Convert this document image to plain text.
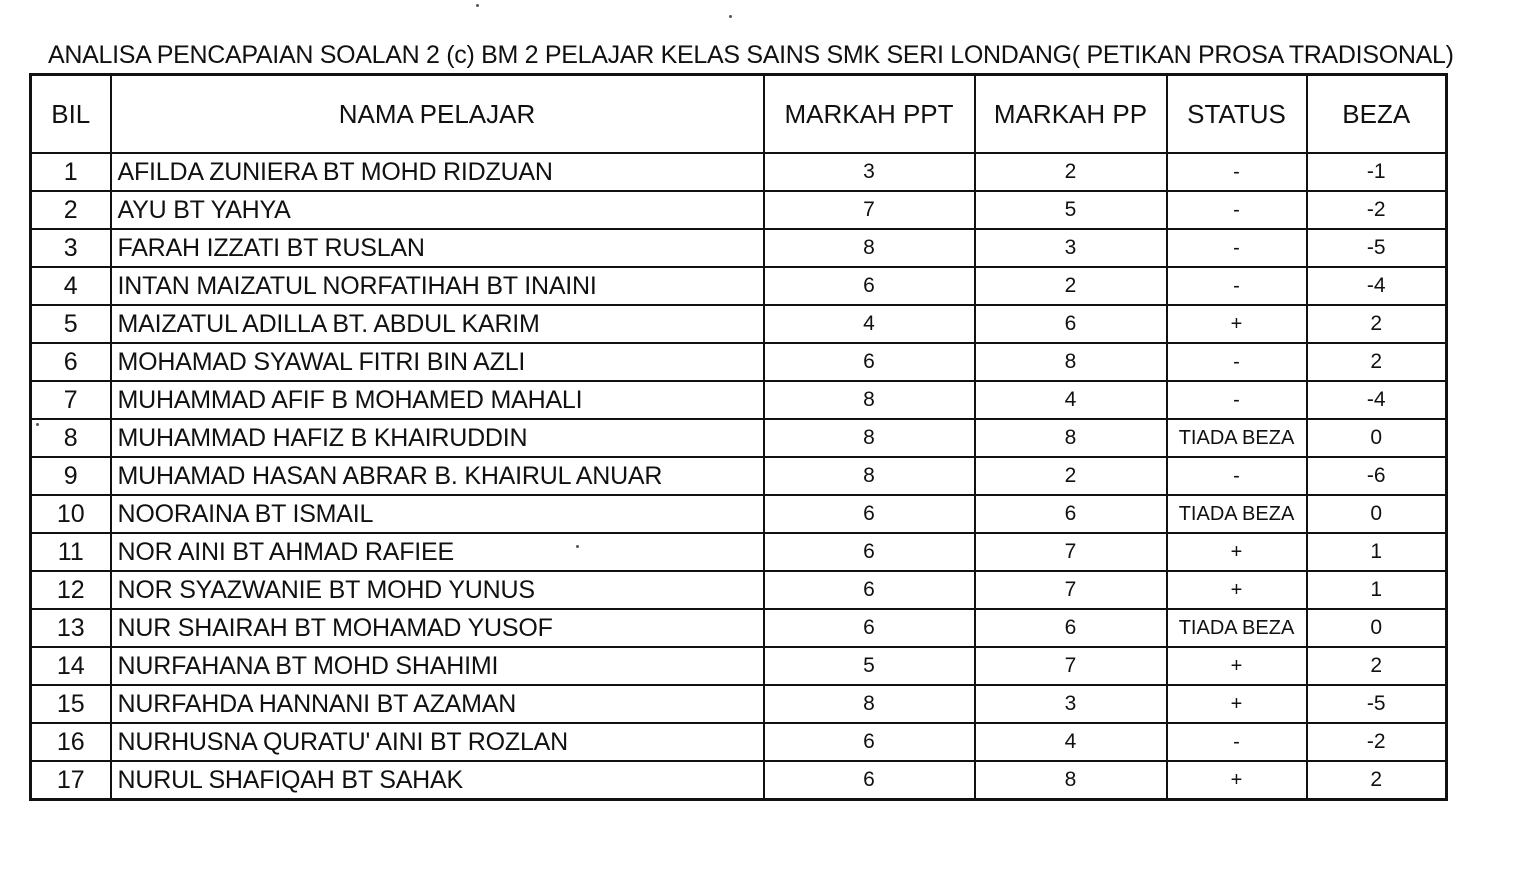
ANALISA PENCAPAIAN SOALAN 2 (c) BM 2 PELAJAR KELAS SAINS SMK SERI LONDANG( PETIKAN PROSA TRADISONAL)
BIL	NAMA PELAJAR	MARKAH PPT	MARKAH PP	STATUS	BEZA
1	AFILDA ZUNIERA BT MOHD RIDZUAN	3	2	-	-1
2	AYU BT YAHYA	7	5	-	-2
3	FARAH IZZATI BT RUSLAN	8	3	-	-5
4	INTAN MAIZATUL NORFATIHAH BT INAINI	6	2	-	-4
5	MAIZATUL ADILLA BT. ABDUL KARIM	4	6	+	2
6	MOHAMAD SYAWAL FITRI BIN AZLI	6	8	-	2
7	MUHAMMAD AFIF B MOHAMED MAHALI	8	4	-	-4
8	MUHAMMAD HAFIZ B KHAIRUDDIN	8	8	TIADA BEZA	0
9	MUHAMAD HASAN ABRAR B. KHAIRUL ANUAR	8	2	-	-6
10	NOORAINA BT ISMAIL	6	6	TIADA BEZA	0
11	NOR AINI BT AHMAD RAFIEE	6	7	+	1
12	NOR SYAZWANIE BT MOHD YUNUS	6	7	+	1
13	NUR SHAIRAH BT MOHAMAD YUSOF	6	6	TIADA BEZA	0
14	NURFAHANA BT MOHD SHAHIMI	5	7	+	2
15	NURFAHDA HANNANI BT AZAMAN	8	3	+	-5
16	NURHUSNA QURATU' AINI BT ROZLAN	6	4	-	-2
17	NURUL SHAFIQAH BT SAHAK	6	8	+	2
